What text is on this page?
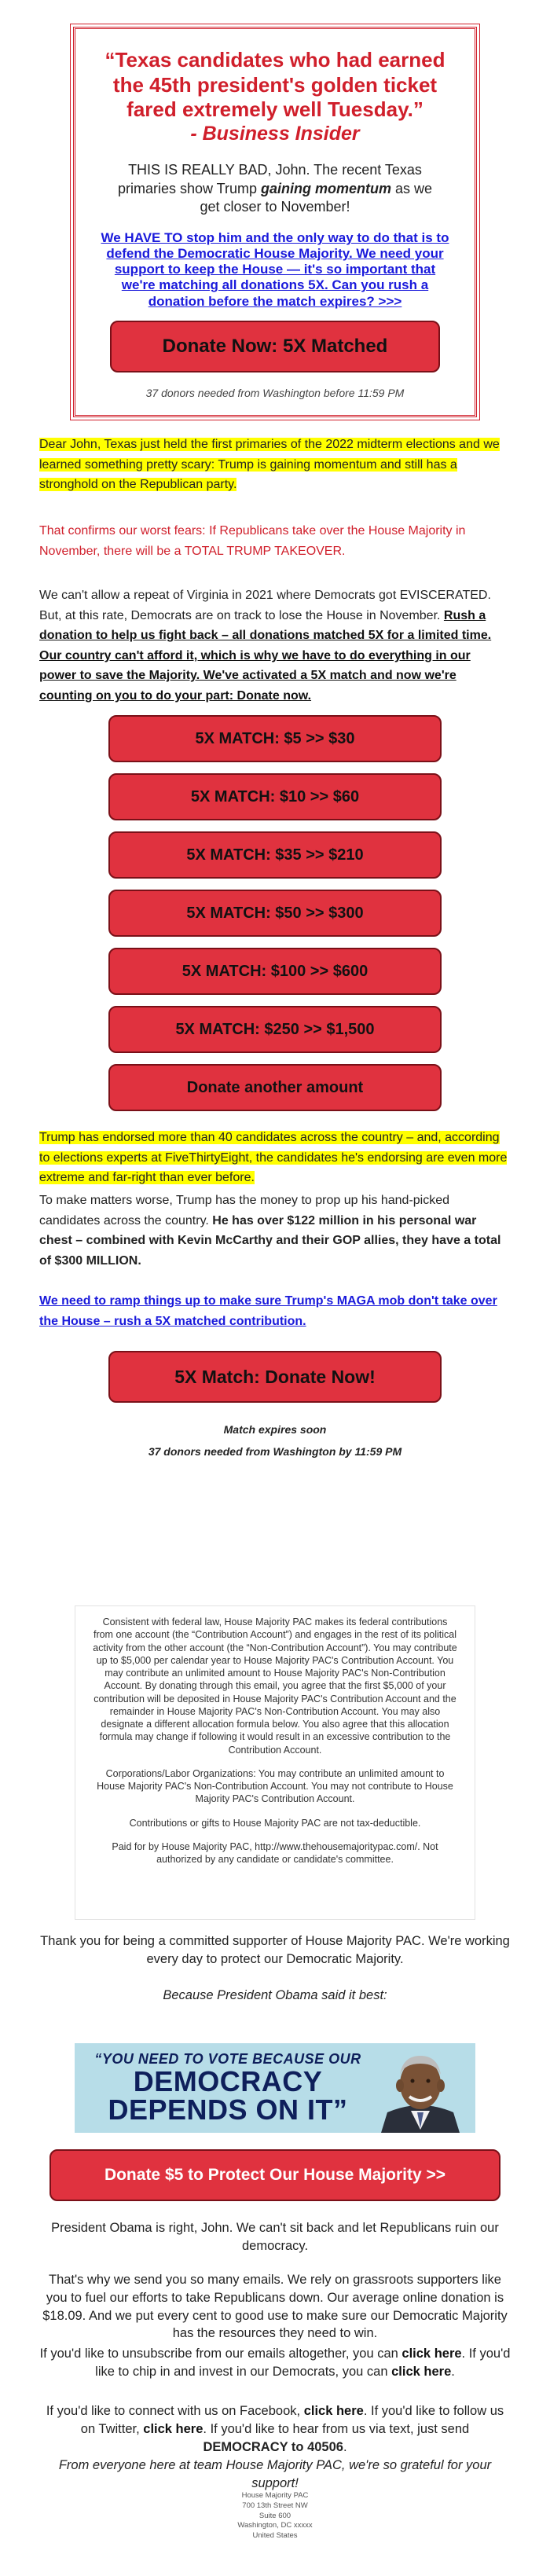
“Texas candidates who had earned the 45th president's golden ticket fared extremely well Tuesday.”
- Business Insider
THIS IS REALLY BAD, John. The recent Texas primaries show Trump gaining momentum as we get closer to November!
We HAVE TO stop him and the only way to do that is to defend the Democratic House Majority. We need your support to keep the House — it's so important that we're matching all donations 5X. Can you rush a donation before the match expires? >>>
Donate Now: 5X Matched
37 donors needed from Washington before 11:59 PM

Dear John, Texas just held the first primaries of the 2022 midterm elections and we learned something pretty scary: Trump is gaining momentum and still has a stronghold on the Republican party.

That confirms our worst fears: If Republicans take over the House Majority in November, there will be a TOTAL TRUMP TAKEOVER.

We can't allow a repeat of Virginia in 2021 where Democrats got EVISCERATED. But, at this rate, Democrats are on track to lose the House in November. Rush a donation to help us fight back – all donations matched 5X for a limited time. Our country can't afford it, which is why we have to do everything in our power to save the Majority. We've activated a 5X match and now we're counting on you to do your part: Donate now.

5X MATCH: $5 >> $30
5X MATCH: $10 >> $60
5X MATCH: $35 >> $210
5X MATCH: $50 >> $300
5X MATCH: $100 >> $600
5X MATCH: $250 >> $1,500
Donate another amount

Trump has endorsed more than 40 candidates across the country – and, according to elections experts at FiveThirtyEight, the candidates he's endorsing are even more extreme and far-right than ever before.

To make matters worse, Trump has the money to prop up his hand-picked candidates across the country. He has over $122 million in his personal war chest – combined with Kevin McCarthy and their GOP allies, they have a total of $300 MILLION.

We need to ramp things up to make sure Trump's MAGA mob don't take over the House – rush a 5X matched contribution.

5X Match: Donate Now!
Match expires soon
37 donors needed from Washington by 11:59 PM

Consistent with federal law, House Majority PAC makes its federal contributions from one account (the “Contribution Account”) and engages in the rest of its political activity from the other account (the “Non-Contribution Account”). You may contribute up to $5,000 per calendar year to House Majority PAC's Contribution Account. You may contribute an unlimited amount to House Majority PAC's Non-Contribution Account. By donating through this email, you agree that the first $5,000 of your contribution will be deposited in House Majority PAC's Contribution Account and the remainder in House Majority PAC's Non-Contribution Account. You may also designate a different allocation formula below. You also agree that this allocation formula may change if following it would result in an excessive contribution to the Contribution Account.

Corporations/Labor Organizations: You may contribute an unlimited amount to House Majority PAC's Non-Contribution Account. You may not contribute to House Majority PAC's Contribution Account.

Contributions or gifts to House Majority PAC are not tax-deductible.

Paid for by House Majority PAC, http://www.thehousemajoritypac.com/. Not authorized by any candidate or candidate's committee.

Thank you for being a committed supporter of House Majority PAC. We're working every day to protect our Democratic Majority.

Because President Obama said it best:

“YOU NEED TO VOTE BECAUSE OUR
DEMOCRACY
DEPENDS ON IT”
Donate $5 to Protect Our House Majority >>

President Obama is right, John. We can't sit back and let Republicans ruin our democracy.

That's why we send you so many emails. We rely on grassroots supporters like you to fuel our efforts to take Republicans down. Our average online donation is $18.09. And we put every cent to good use to make sure our Democratic Majority has the resources they need to win.

If you'd like to unsubscribe from our emails altogether, you can click here. If you'd like to chip in and invest in our Democrats, you can click here.

If you'd like to connect with us on Facebook, click here. If you'd like to follow us on Twitter, click here. If you'd like to hear from us via text, just send DEMOCRACY to 40506.

From everyone here at team House Majority PAC, we're so grateful for your support!

House Majority PAC
700 13th Street NW
Suite 600
Washington, DC xxxxx
United States
